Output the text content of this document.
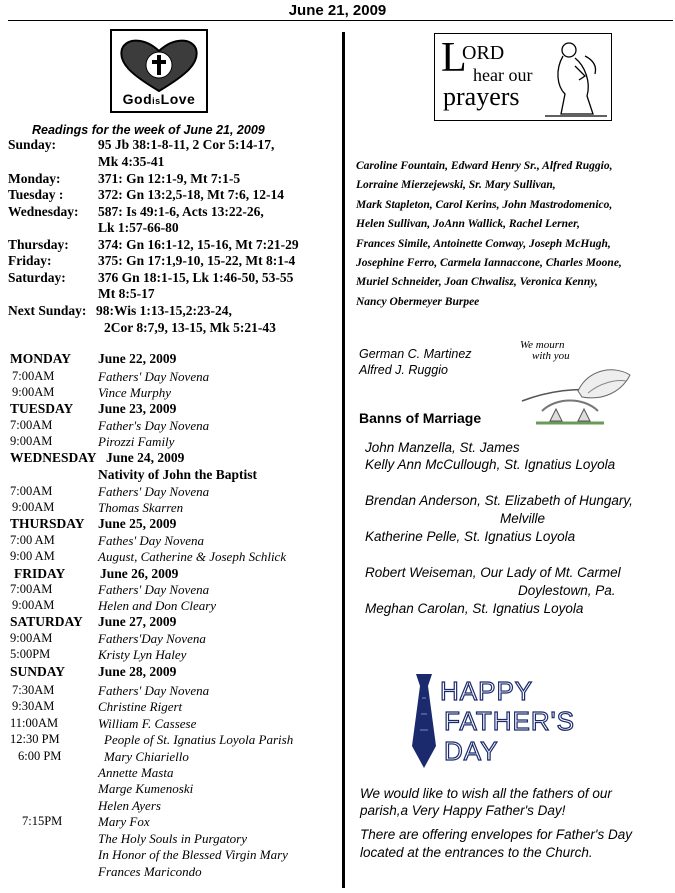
June 21, 2009
GodisLove
Readings for the week of June 21, 2009
Sunday:	95 Jb 38:1-8-11, 2 Cor 5:14-17,
Mk 4:35-41
Monday:	371: Gn 12:1-9, Mt 7:1-5
Tuesday :	372: Gn 13:2,5-18, Mt 7:6, 12-14
Wednesday: 587: Is 49:1-6, Acts 13:22-26,
Lk 1:57-66-80
Thursday: 374: Gn 16:1-12, 15-16, Mt 7:21-29
Friday:	375: Gn 17:1,9-10, 15-22, Mt 8:1-4
Saturday: 376 Gn 18:1-15, Lk 1:46-50, 53-55
Mt 8:5-17
Next Sunday: 98:Wis 1:13-15,2:23-24,
2Cor 8:7,9, 13-15, Mk 5:21-43
MONDAY June 22, 2009
7:00AM	Fathers' Day Novena
9:00AM	Vince Murphy
TUESDAY June 23, 2009
7:00AM	Father's Day Novena
9:00AM	Pirozzi Family
WEDNESDAY June 24, 2009
Nativity of John the Baptist
7:00AM	Fathers' Day Novena
9:00AM	Thomas Skarren
THURSDAY June 25, 2009
7:00 AM	Fathes' Day Novena
9:00 AM	August, Catherine & Joseph Schlick
FRIDAY	June 26, 2009
7:00AM	Fathers' Day Novena
9:00AM	Helen and Don Cleary
SATURDAY June 27, 2009
9:00AM	Fathers'Day Novena
5:00PM	Kristy Lyn Haley
SUNDAY June 28, 2009
7:30AM	Fathers' Day Novena
9:30AM	Christine Rigert
11:00AM	William F. Cassese
12:30 PM	People of St. Ignatius Loyola Parish
6:00 PM	Mary Chiariello
Annette Masta
Marge Kumenoski
Helen Ayers
7:15PM	Mary Fox
The Holy Souls in Purgatory
In Honor of the Blessed Virgin Mary
Frances Maricondo
L
ORD
hear our
prayers
Caroline Fountain, Edward Henry Sr., Alfred Ruggio,
Lorraine Mierzejewski, Sr. Mary Sullivan,
Mark Stapleton, Carol Kerins, John Mastrodomenico,
Helen Sullivan, JoAnn Wallick, Rachel Lerner,
Frances Simile, Antoinette Conway, Joseph McHugh,
Josephine Ferro, Carmela Iannaccone, Charles Moone,
Muriel Schneider, Joan Chwalisz, Veronica Kenny,
Nancy Obermeyer Burpee
German C. Martinez
Alfred J. Ruggio
We mourn
with you
Banns of Marriage
John Manzella, St. James
Kelly Ann McCullough, St. Ignatius Loyola
Brendan Anderson, St. Elizabeth of Hungary,
Melville
Katherine Pelle, St. Ignatius Loyola
Robert Weiseman, Our Lady of Mt. Carmel
Doylestown, Pa.
Meghan Carolan, St. Ignatius Loyola
HAPPY
FATHER'S
DAY
We would like to wish all the fathers of our
parish,a Very Happy Father's Day!
There are offering envelopes for Father's Day
located at the entrances to the Church.
